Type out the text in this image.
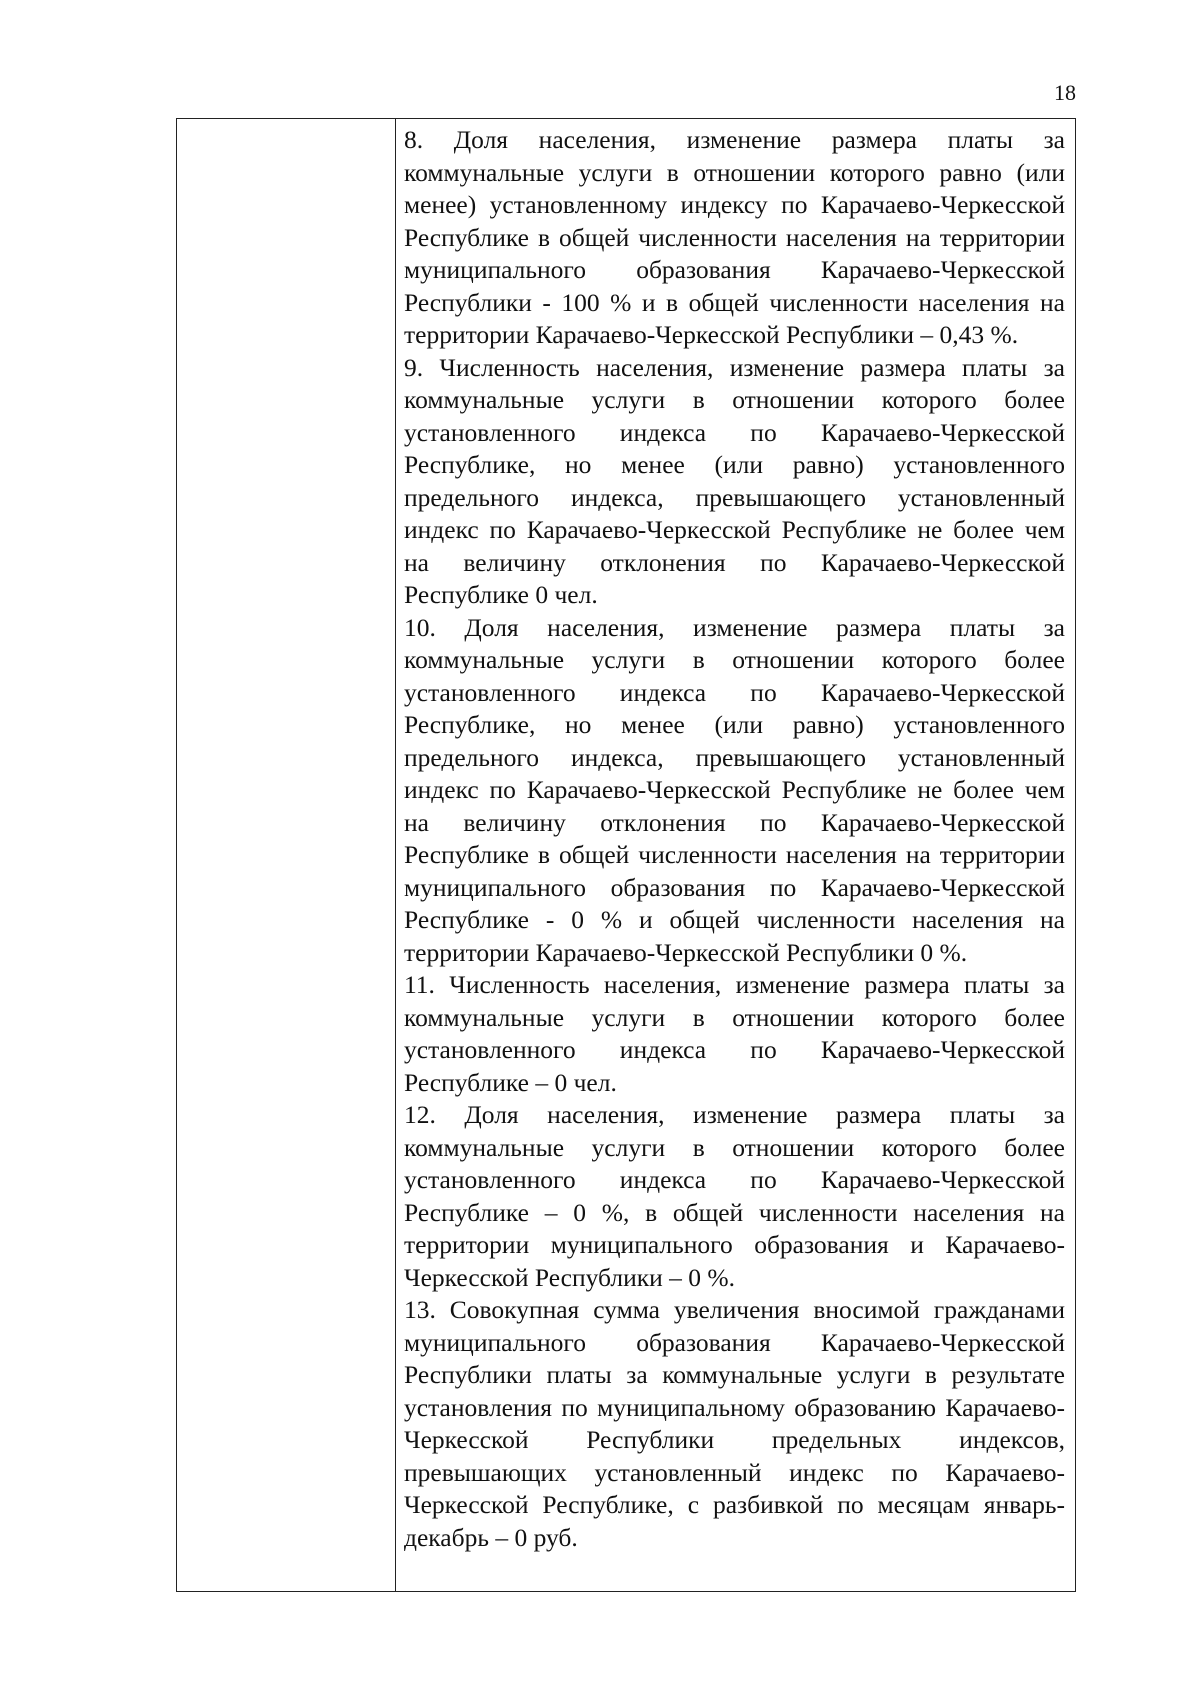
18

8. Доля населения, изменение размера платы за коммунальные услуги в отношении которого равно (или менее) установленному индексу по Карачаево-Черкесской Республике в общей численности населения на территории муниципального образования Карачаево-Черкесской Республики - 100 % и в общей численности населения на территории Карачаево-Черкесской Республики – 0,43 %.

9. Численность населения, изменение размера платы за коммунальные услуги в отношении которого более установленного индекса по Карачаево-Черкесской Республике, но менее (или равно) установленного предельного индекса, превышающего установленный индекс по Карачаево-Черкесской Республике не более чем на величину отклонения по Карачаево-Черкесской Республике 0 чел.

10. Доля населения, изменение размера платы за коммунальные услуги в отношении которого более установленного индекса по Карачаево-Черкесской Республике, но менее (или равно) установленного предельного индекса, превышающего установленный индекс по Карачаево-Черкесской Республике не более чем на величину отклонения по Карачаево-Черкесской Республике в общей численности населения на территории муниципального образования по Карачаево-Черкесской Республике - 0 % и общей численности населения на территории Карачаево-Черкесской Республики 0 %.

11. Численность населения, изменение размера платы за коммунальные услуги в отношении которого более установленного индекса по Карачаево-Черкесской Республике – 0 чел.

12. Доля населения, изменение размера платы за коммунальные услуги в отношении которого более установленного индекса по Карачаево-Черкесской Республике – 0 %, в общей численности населения на территории муниципального образования и Карачаево-Черкесской Республики – 0 %.

13. Совокупная сумма увеличения вносимой гражданами муниципального образования Карачаево-Черкесской Республики платы за коммунальные услуги в результате установления по муниципальному образованию Карачаево-Черкесской Республики предельных индексов, превышающих установленный индекс по Карачаево-Черкесской Республике, с разбивкой по месяцам январь-декабрь – 0 руб.
